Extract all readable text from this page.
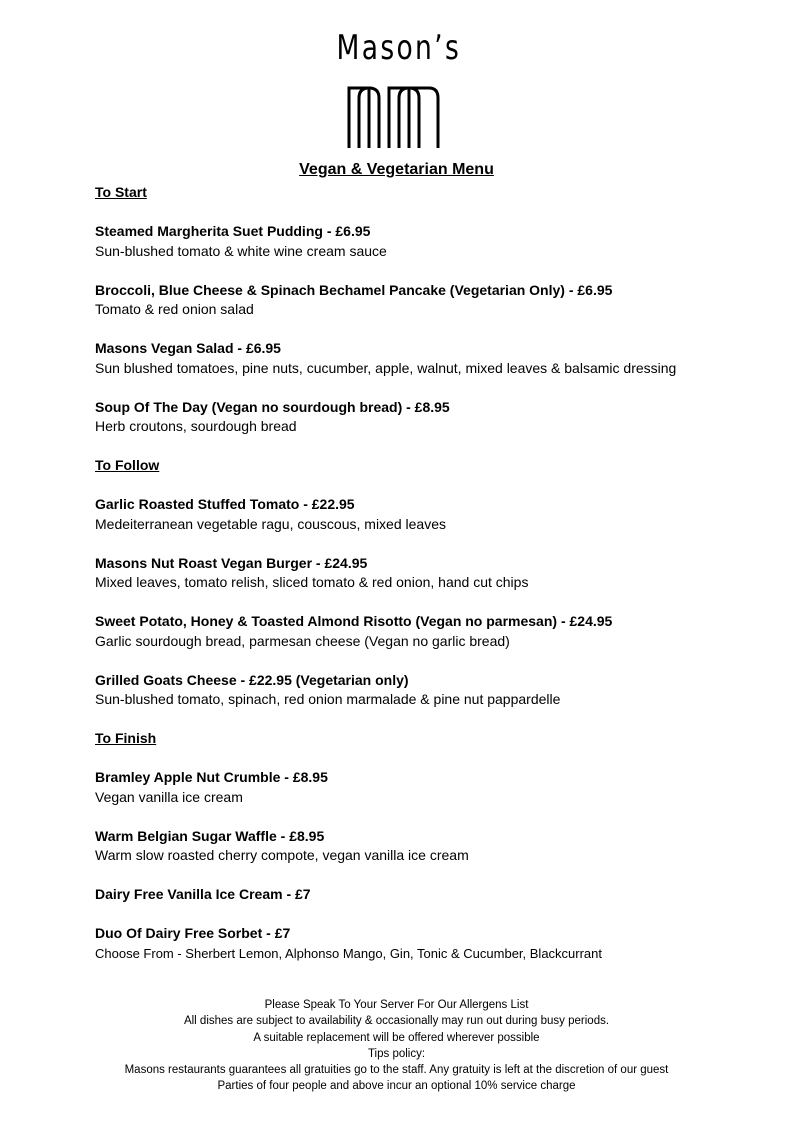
Mason’s
Vegan & Vegetarian Menu
To Start
Steamed Margherita Suet Pudding - £6.95
Sun-blushed tomato & white wine cream sauce
Broccoli, Blue Cheese & Spinach Bechamel Pancake (Vegetarian Only) - £6.95
Tomato & red onion salad
Masons Vegan Salad - £6.95
Sun blushed tomatoes, pine nuts, cucumber, apple, walnut, mixed leaves & balsamic dressing
Soup Of The Day (Vegan no sourdough bread) - £8.95
Herb croutons, sourdough bread
To Follow
Garlic Roasted Stuffed Tomato - £22.95
Medeiterranean vegetable ragu, couscous, mixed leaves
Masons Nut Roast Vegan Burger - £24.95
Mixed leaves, tomato relish, sliced tomato & red onion, hand cut chips
Sweet Potato, Honey & Toasted Almond Risotto (Vegan no parmesan) - £24.95
Garlic sourdough bread, parmesan cheese (Vegan no garlic bread)
Grilled Goats Cheese - £22.95 (Vegetarian only)
Sun-blushed tomato, spinach, red onion marmalade & pine nut pappardelle
To Finish
Bramley Apple Nut Crumble - £8.95
Vegan vanilla ice cream
Warm Belgian Sugar Waffle - £8.95
Warm slow roasted cherry compote, vegan vanilla ice cream
Dairy Free Vanilla Ice Cream - £7
Duo Of Dairy Free Sorbet - £7
Choose From - Sherbert Lemon, Alphonso Mango, Gin, Tonic & Cucumber, Blackcurrant
Please Speak To Your Server For Our Allergens List
All dishes are subject to availability & occasionally may run out during busy periods.
A suitable replacement will be offered wherever possible
Tips policy:
Masons restaurants guarantees all gratuities go to the staff. Any gratuity is left at the discretion of our guest
Parties of four people and above incur an optional 10% service charge
